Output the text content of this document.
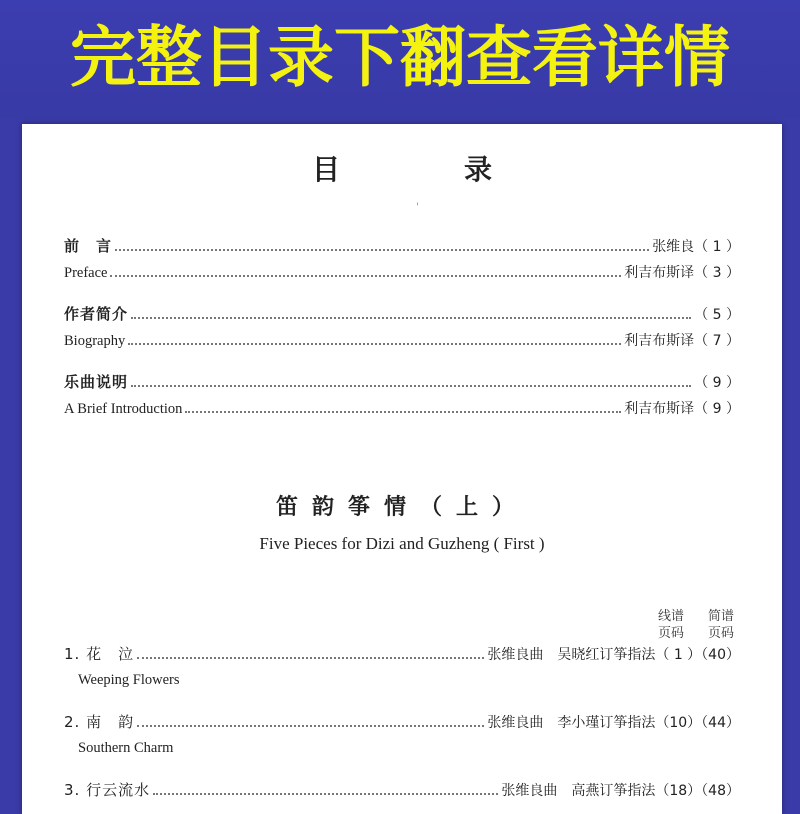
完整目录下翻查看详情
目	录
'
前　言	张维良（ 1 ）
Preface	利吉布斯译（ 3 ）
作者简介	（ 5 ）
Biography	利吉布斯译（ 7 ）
乐曲说明	（ 9 ）
A Brief Introduction	利吉布斯译（ 9 ）
笛韵筝情（上）
Five Pieces for Dizi and Guzheng ( First )
线谱
页码
简谱
页码
1. 花　泣	张维良曲　吴晓红订筝指法（ 1 ）（40）
Weeping Flowers
2. 南　韵	张维良曲　李小瑾订筝指法（10）（44）
Southern Charm
3. 行云流水	张维良曲　高燕订筝指法（18）（48）
